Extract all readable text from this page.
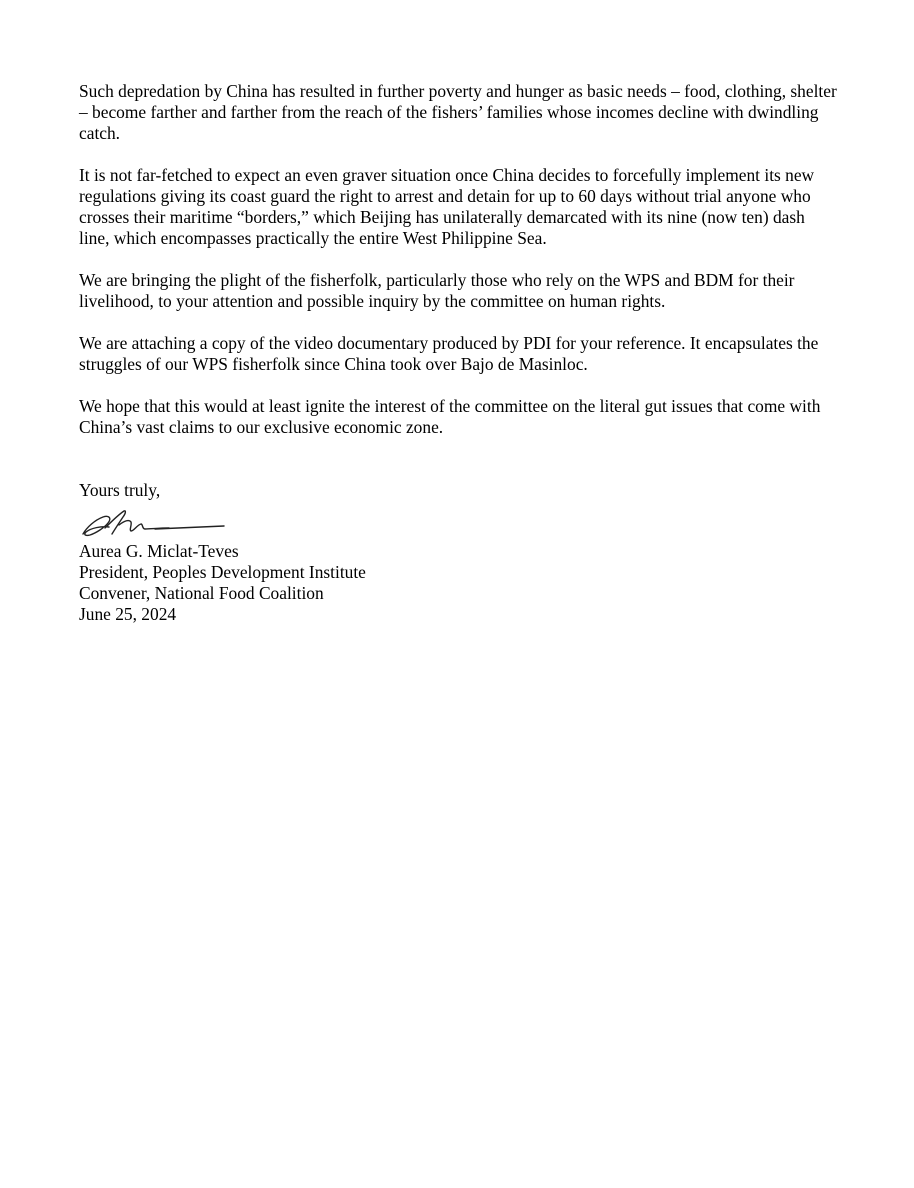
Such depredation by China has resulted in further poverty and hunger as basic needs – food, clothing, shelter – become farther and farther from the reach of the fishers’ families whose incomes decline with dwindling catch.

It is not far-fetched to expect an even graver situation once China decides to forcefully implement its new regulations giving its coast guard the right to arrest and detain for up to 60 days without trial anyone who crosses their maritime “borders,” which Beijing has unilaterally demarcated with its nine (now ten) dash line, which encompasses practically the entire West Philippine Sea.

We are bringing the plight of the fisherfolk, particularly those who rely on the WPS and BDM for their livelihood, to your attention and possible inquiry by the committee on human rights.

We are attaching a copy of the video documentary produced by PDI for your reference. It encapsulates the struggles of our WPS fisherfolk since China took over Bajo de Masinloc.

We hope that this would at least ignite the interest of the committee on the literal gut issues that come with China’s vast claims to our exclusive economic zone.

Yours truly,
Aurea G. Miclat-Teves
President, Peoples Development Institute
Convener, National Food Coalition
June 25, 2024
